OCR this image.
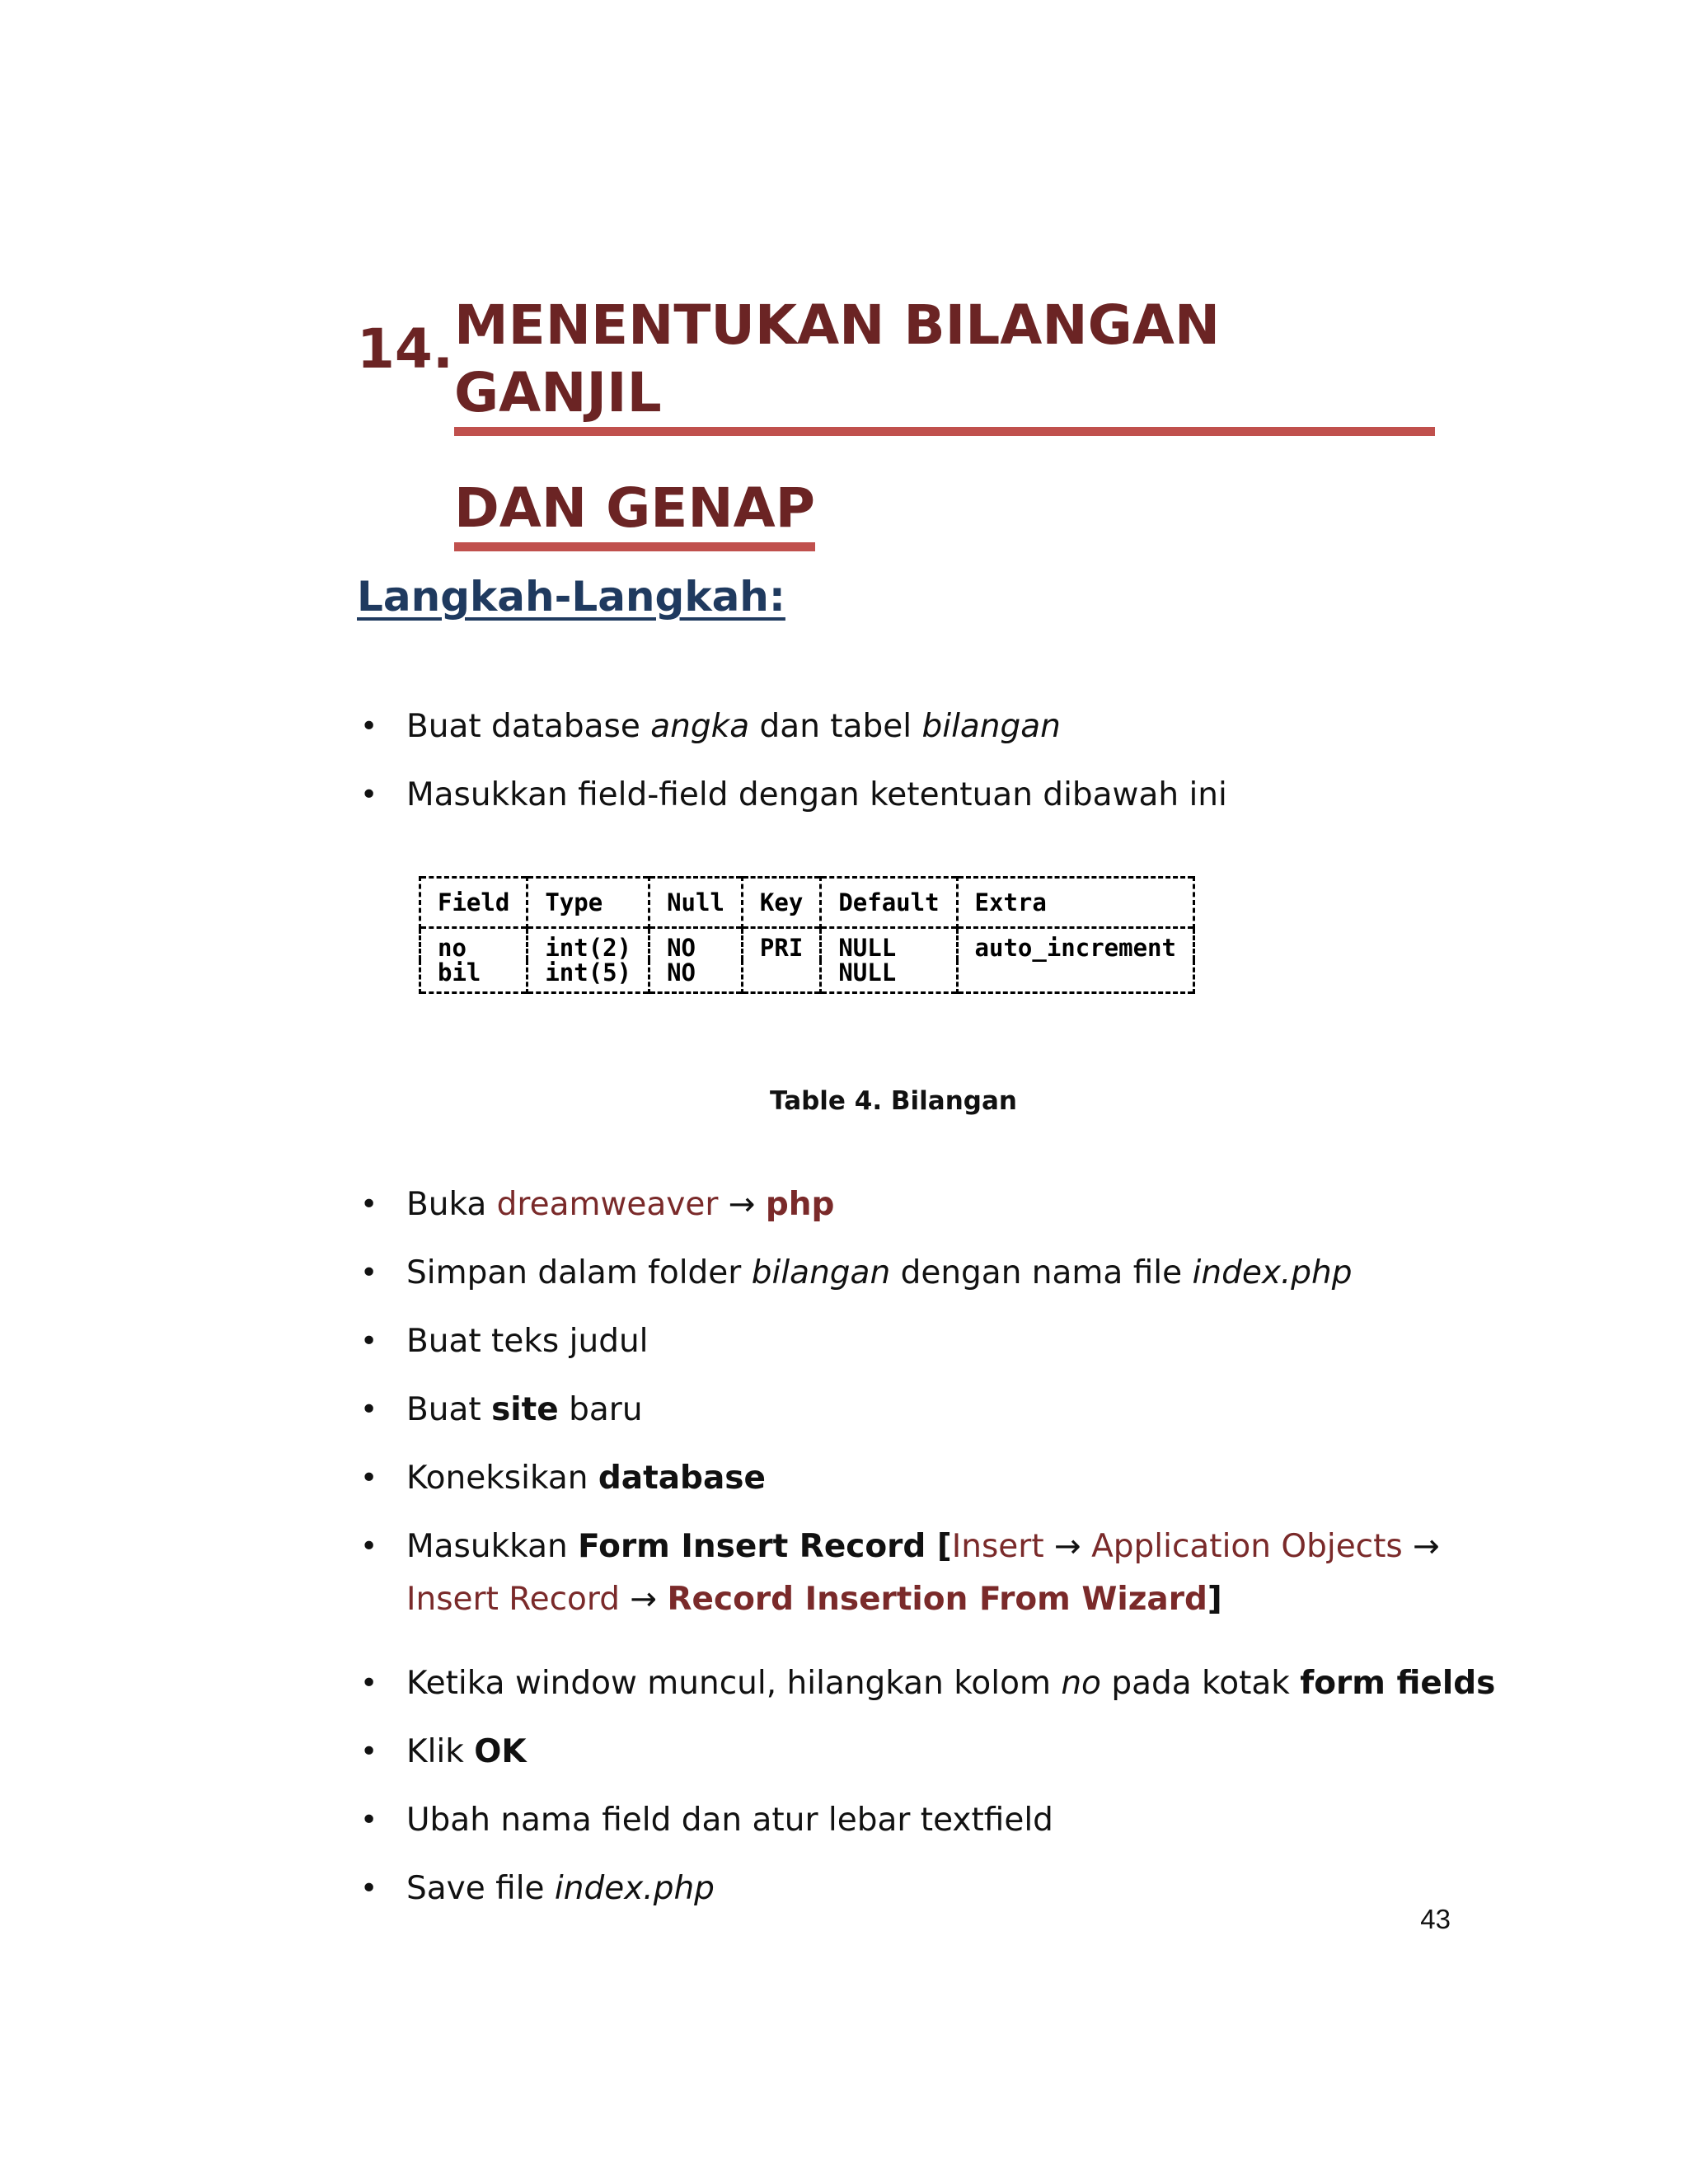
14. MENENTUKAN BILANGAN GANJIL
DAN GENAP
Langkah-Langkah:
• Buat database angka dan tabel bilangan
• Masukkan field-field dengan ketentuan dibawah ini
Field	Type	Null	Key	Default	Extra
no	int(2)	NO	PRI	NULL	auto_increment
bil	int(5)	NO		NULL	
Table 4. Bilangan
• Buka dreamweaver → php
• Simpan dalam folder bilangan dengan nama file index.php
• Buat teks judul
• Buat site baru
• Koneksikan database
• Masukkan Form Insert Record [Insert → Application Objects →
Insert Record → Record Insertion From Wizard]
• Ketika window muncul, hilangkan kolom no pada kotak form fields
• Klik OK
• Ubah nama field dan atur lebar textfield
• Save file index.php
43
